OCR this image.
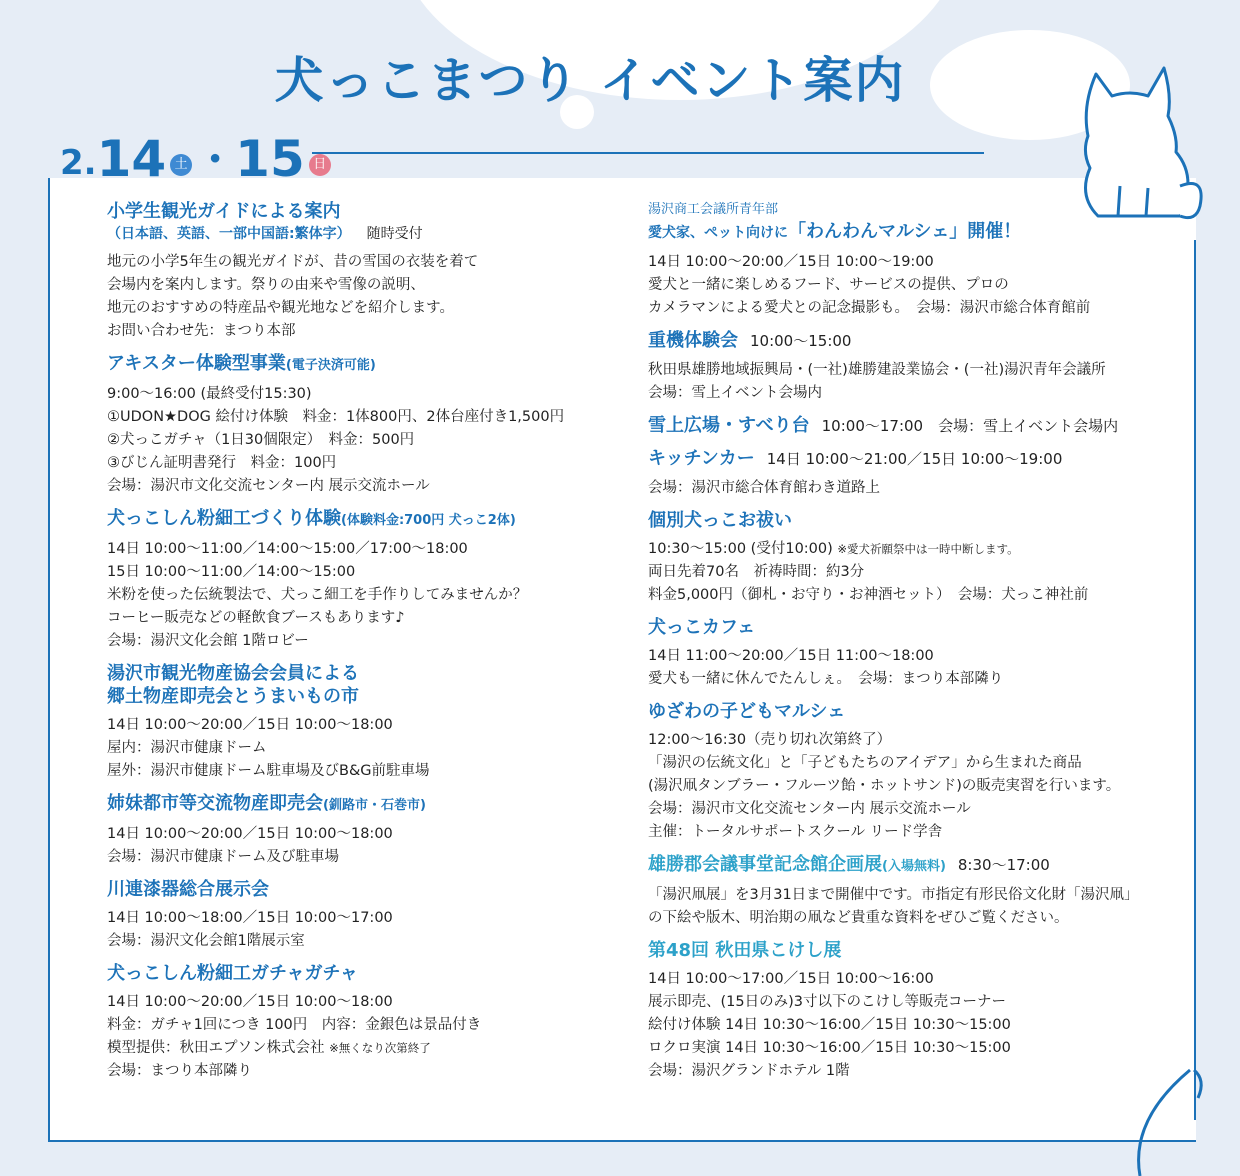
犬っこまつり イベント案内
2. 14 土 ・ 15 日
小学生観光ガイドによる案内
（日本語、英語、一部中国語:繁体字） 随時受付
地元の小学5年生の観光ガイドが、昔の雪国の衣装を着て
会場内を案内します。祭りの由来や雪像の説明、
地元のおすすめの特産品や観光地などを紹介します。
お問い合わせ先：まつり本部
アキスター体験型事業(電子決済可能)
9:00～16:00 (最終受付15:30)
①UDON★DOG 絵付け体験　料金：1体800円、2体台座付き1,500円
②犬っこガチャ（1日30個限定）　料金：500円
③びじん証明書発行　料金：100円
会場：湯沢市文化交流センター内 展示交流ホール
犬っこしん粉細工づくり体験(体験料金:700円 犬っこ2体)
14日 10:00～11:00／14:00～15:00／17:00～18:00
15日 10:00～11:00／14:00～15:00
米粉を使った伝統製法で、犬っこ細工を手作りしてみませんか？
コーヒー販売などの軽飲食ブースもあります♪
会場：湯沢文化会館 1階ロビー
湯沢市観光物産協会会員による
郷土物産即売会とうまいもの市
14日 10:00～20:00／15日 10:00～18:00
屋内：湯沢市健康ドーム
屋外：湯沢市健康ドーム駐車場及びB&G前駐車場
姉妹都市等交流物産即売会(釧路市・石巻市)
14日 10:00～20:00／15日 10:00～18:00
会場：湯沢市健康ドーム及び駐車場
川連漆器総合展示会
14日 10:00～18:00／15日 10:00～17:00
会場：湯沢文化会館1階展示室
犬っこしん粉細工ガチャガチャ
14日 10:00～20:00／15日 10:00～18:00
料金：ガチャ1回につき 100円　内容：金銀色は景品付き
模型提供：秋田エプソン株式会社 ※無くなり次第終了
会場：まつり本部隣り
湯沢商工会議所青年部
愛犬家、ペット向けに「わんわんマルシェ」開催！
14日 10:00～20:00／15日 10:00～19:00
愛犬と一緒に楽しめるフード、サービスの提供、プロの
カメラマンによる愛犬との記念撮影も。　会場：湯沢市総合体育館前
重機体験会 10:00～15:00
秋田県雄勝地域振興局・(一社)雄勝建設業協会・(一社)湯沢青年会議所
会場：雪上イベント会場内
雪上広場・すべり台 10:00～17:00　会場：雪上イベント会場内
キッチンカー 14日 10:00～21:00／15日 10:00～19:00
会場：湯沢市総合体育館わき道路上
個別犬っこお祓い
10:30～15:00 (受付10:00) ※愛犬祈願祭中は一時中断します。
両日先着70名　祈祷時間：約3分
料金5,000円（御札・お守り・お神酒セット）　会場：犬っこ神社前
犬っこカフェ
14日 11:00～20:00／15日 11:00～18:00
愛犬も一緒に休んでたんしぇ。　会場：まつり本部隣り
ゆざわの子どもマルシェ
12:00～16:30（売り切れ次第終了）
「湯沢の伝統文化」と「子どもたちのアイデア」から生まれた商品
(湯沢凧タンブラー・フルーツ飴・ホットサンド)の販売実習を行います。
会場：湯沢市文化交流センター内 展示交流ホール
主催：トータルサポートスクール リード学舎
雄勝郡会議事堂記念館企画展(入場無料) 8:30～17:00
「湯沢凧展」を3月31日まで開催中です。市指定有形民俗文化財「湯沢凧」
の下絵や版木、明治期の凧など貴重な資料をぜひご覧ください。
第48回 秋田県こけし展
14日 10:00～17:00／15日 10:00～16:00
展示即売、(15日のみ)3寸以下のこけし等販売コーナー
絵付け体験 14日 10:30～16:00／15日 10:30～15:00
ロクロ実演 14日 10:30～16:00／15日 10:30～15:00
会場：湯沢グランドホテル 1階
